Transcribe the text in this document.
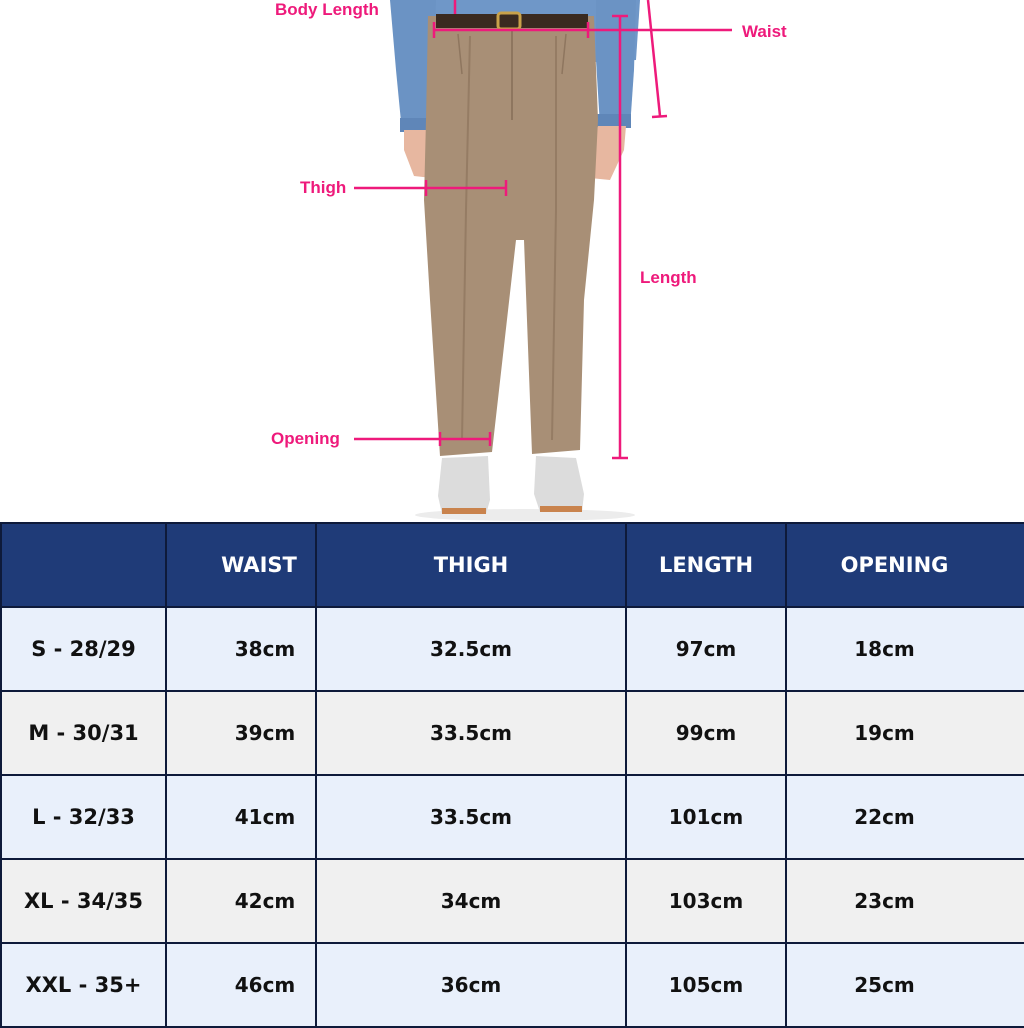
Body Length
Waist
Thigh
Length
Opening
	WAIST	THIGH	LENGTH	OPENING
S - 28/29	38cm	32.5cm	97cm	18cm
M - 30/31	39cm	33.5cm	99cm	19cm
L - 32/33	41cm	33.5cm	101cm	22cm
XL - 34/35	42cm	34cm	103cm	23cm
XXL - 35+	46cm	36cm	105cm	25cm
